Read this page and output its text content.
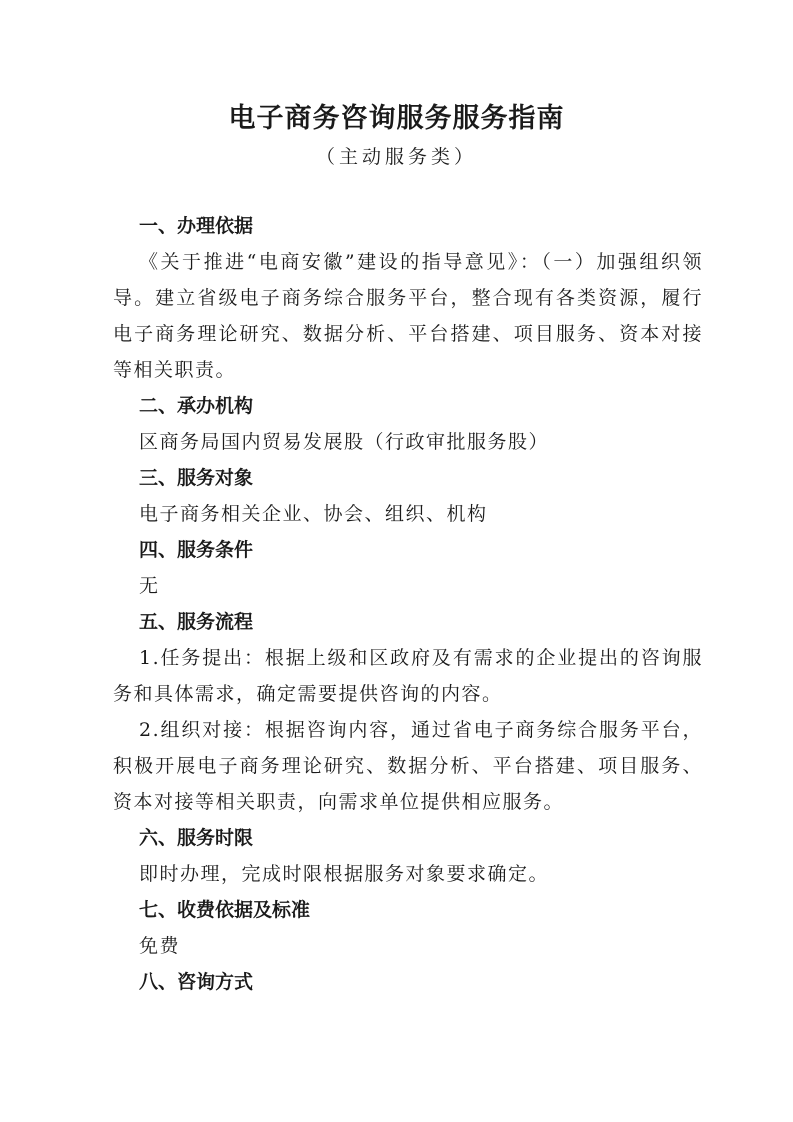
电子商务咨询服务服务指南

（主动服务类）

一、办理依据

《关于推进“电商安徽”建设的指导意见》：（一）加强组织领导。建立省级电子商务综合服务平台，整合现有各类资源，履行电子商务理论研究、数据分析、平台搭建、项目服务、资本对接等相关职责。

二、承办机构

区商务局国内贸易发展股（行政审批服务股）

三、服务对象

电子商务相关企业、协会、组织、机构

四、服务条件

无

五、服务流程

1.任务提出：根据上级和区政府及有需求的企业提出的咨询服务和具体需求，确定需要提供咨询的内容。

2.组织对接：根据咨询内容，通过省电子商务综合服务平台，积极开展电子商务理论研究、数据分析、平台搭建、项目服务、资本对接等相关职责，向需求单位提供相应服务。

六、服务时限

即时办理，完成时限根据服务对象要求确定。

七、收费依据及标准

免费

八、咨询方式
